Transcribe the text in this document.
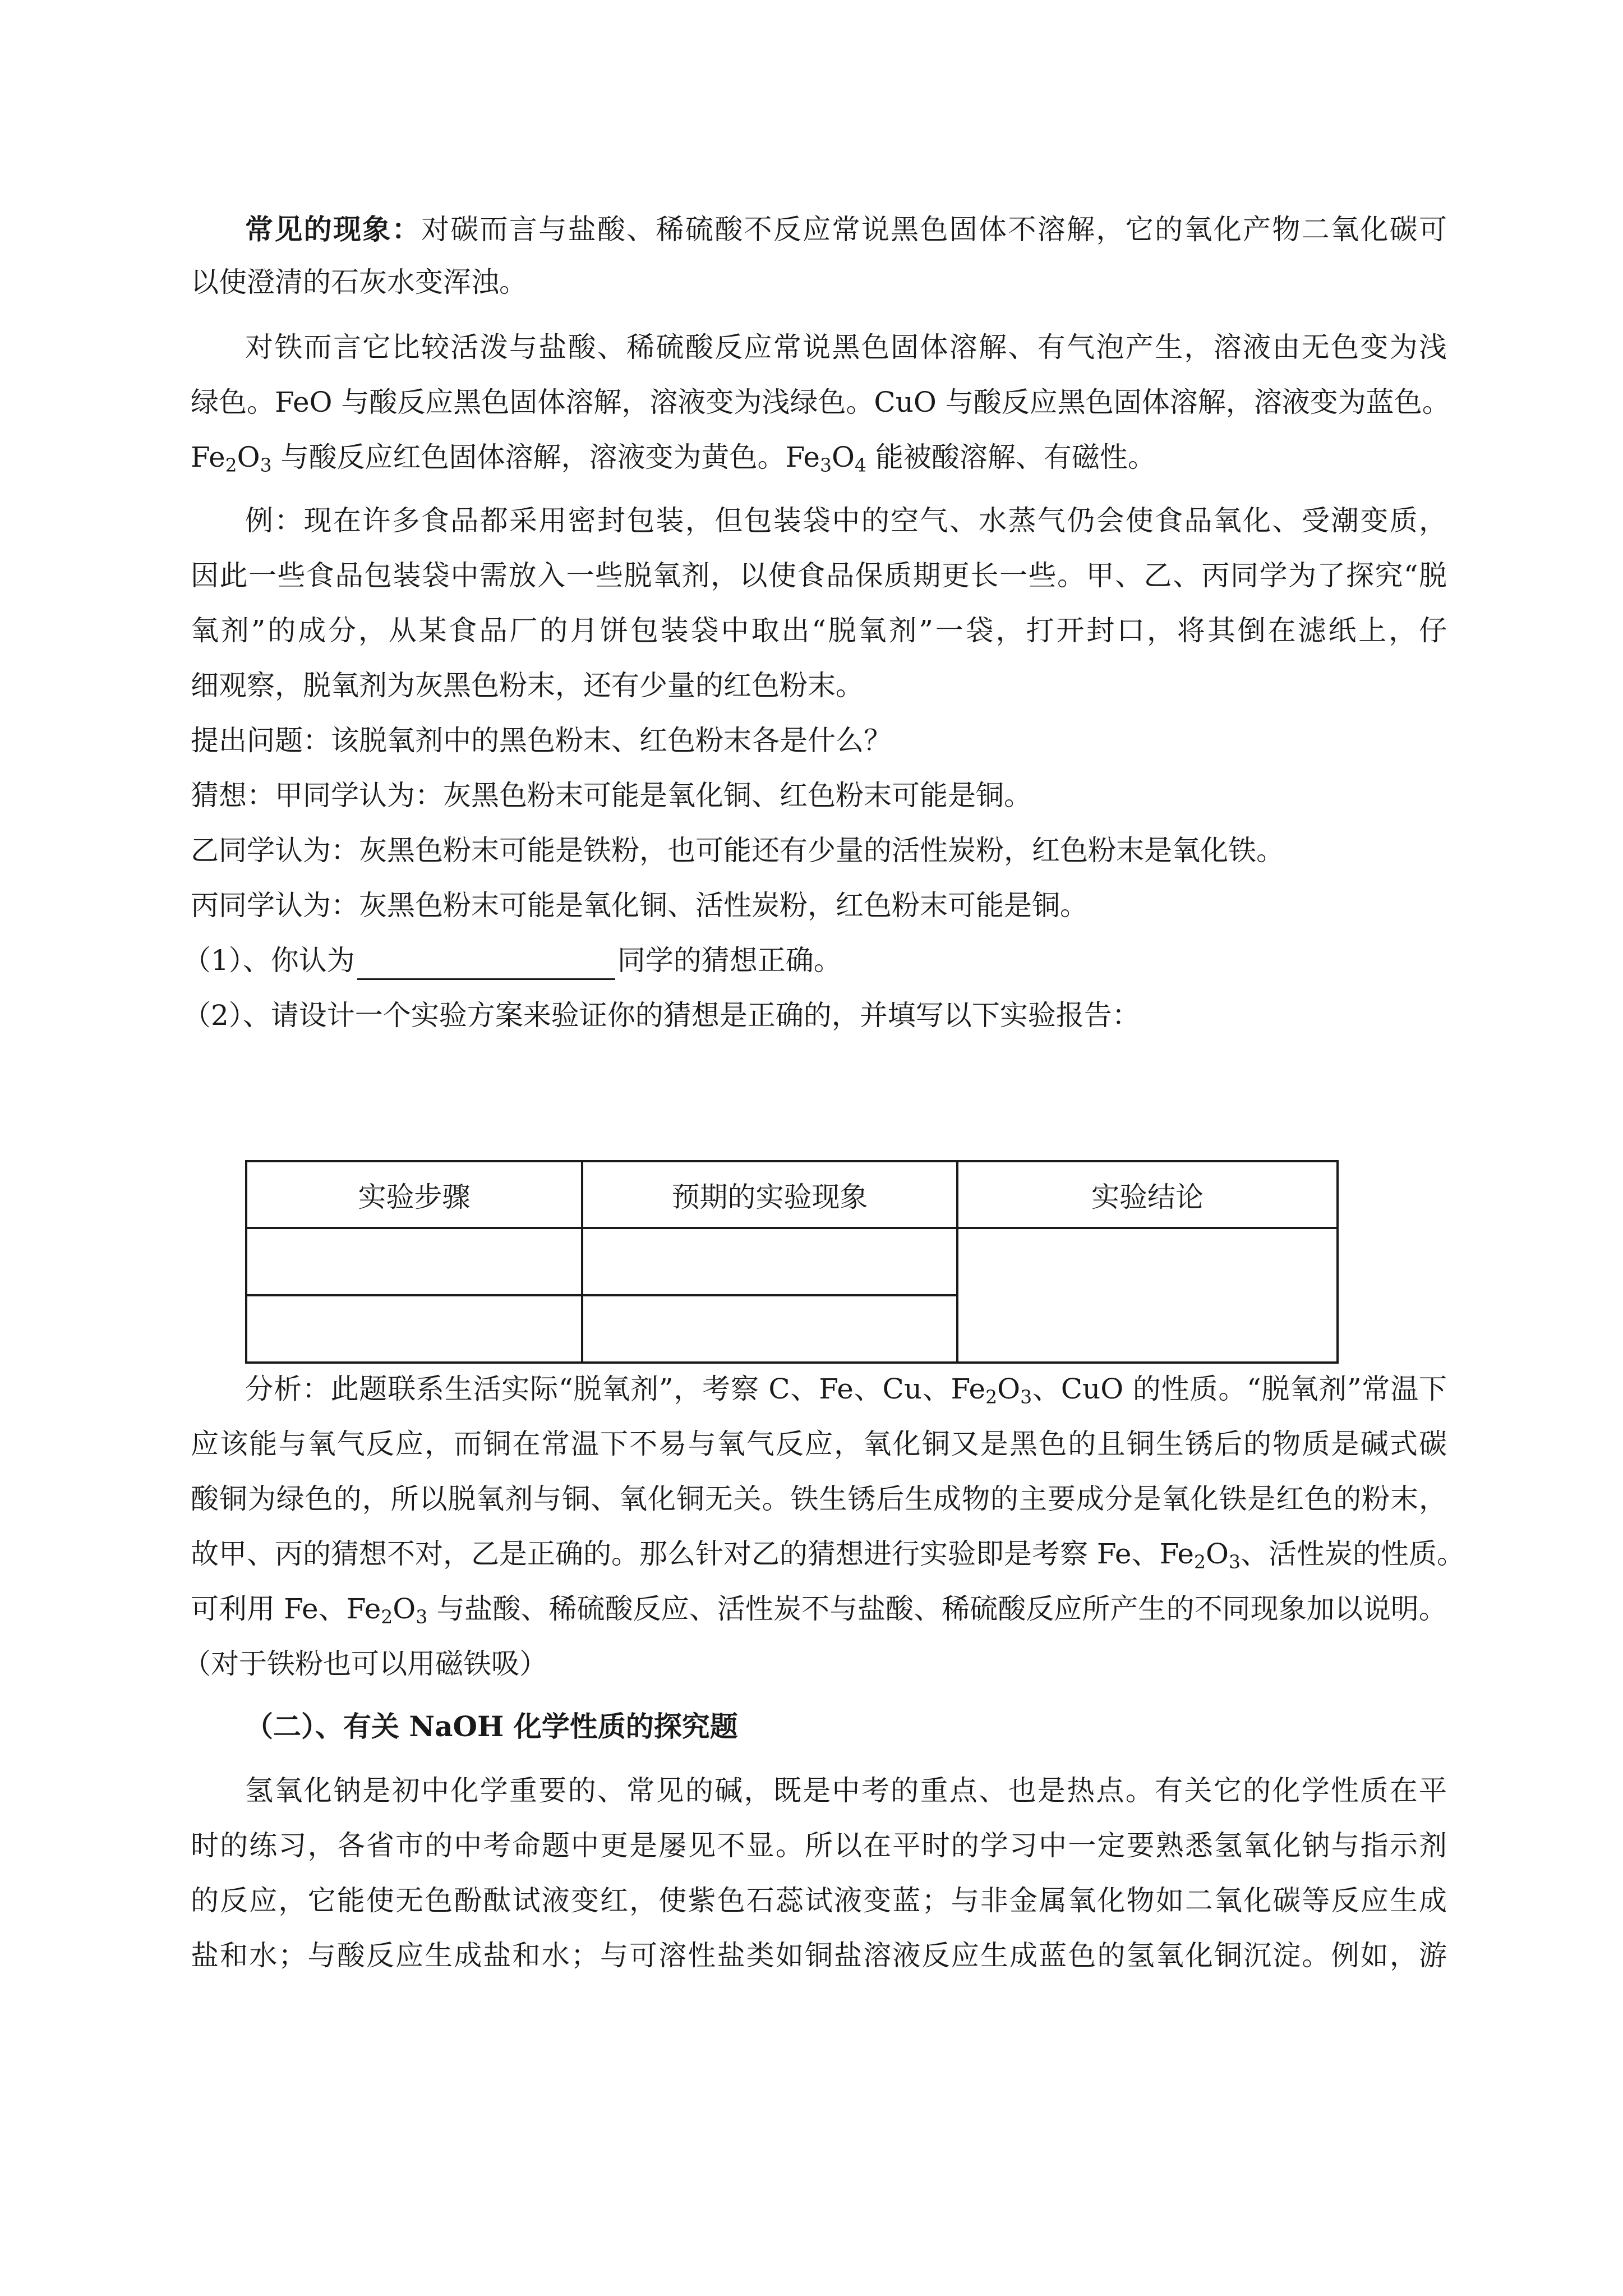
常见的现象：对碳而言与盐酸、稀硫酸不反应常说黑色固体不溶解，它的氧化产物二氧化碳可
以使澄清的石灰水变浑浊。
对铁而言它比较活泼与盐酸、稀硫酸反应常说黑色固体溶解、有气泡产生，溶液由无色变为浅
绿色。FeO 与酸反应黑色固体溶解，溶液变为浅绿色。CuO 与酸反应黑色固体溶解，溶液变为蓝色。
$Fe_2O_3$ 与酸反应红色固体溶解，溶液变为黄色。$Fe_3O_4$ 能被酸溶解、有磁性。
例：现在许多食品都采用密封包装，但包装袋中的空气、水蒸气仍会使食品氧化、受潮变质，
因此一些食品包装袋中需放入一些脱氧剂，以使食品保质期更长一些。甲、乙、丙同学为了探究“脱
氧剂”的成分，从某食品厂的月饼包装袋中取出“脱氧剂”一袋，打开封口，将其倒在滤纸上，仔
细观察，脱氧剂为灰黑色粉末，还有少量的红色粉末。
提出问题：该脱氧剂中的黑色粉末、红色粉末各是什么？
猜想：甲同学认为：灰黑色粉末可能是氧化铜、红色粉末可能是铜。
乙同学认为：灰黑色粉末可能是铁粉，也可能还有少量的活性炭粉，红色粉末是氧化铁。
丙同学认为：灰黑色粉末可能是氧化铜、活性炭粉，红色粉末可能是铜。
（1）、你认为	同学的猜想正确。
（2）、请设计一个实验方案来验证你的猜想是正确的，并填写以下实验报告：
实验步骤	预期的实验现象	实验结论

分析：此题联系生活实际“脱氧剂”，考察 C、Fe、Cu、$Fe_2O_3$、CuO 的性质。“脱氧剂”常温下
应该能与氧气反应，而铜在常温下不易与氧气反应，氧化铜又是黑色的且铜生锈后的物质是碱式碳
酸铜为绿色的，所以脱氧剂与铜、氧化铜无关。铁生锈后生成物的主要成分是氧化铁是红色的粉末，
故甲、丙的猜想不对，乙是正确的。那么针对乙的猜想进行实验即是考察 Fe、$Fe_2O_3$、活性炭的性质。
可利用 Fe、$Fe_2O_3$ 与盐酸、稀硫酸反应、活性炭不与盐酸、稀硫酸反应所产生的不同现象加以说明。
（对于铁粉也可以用磁铁吸）
（二）、有关 NaOH 化学性质的探究题
氢氧化钠是初中化学重要的、常见的碱，既是中考的重点、也是热点。有关它的化学性质在平
时的练习，各省市的中考命题中更是屡见不显。所以在平时的学习中一定要熟悉氢氧化钠与指示剂
的反应，它能使无色酚酞试液变红，使紫色石蕊试液变蓝；与非金属氧化物如二氧化碳等反应生成
盐和水；与酸反应生成盐和水；与可溶性盐类如铜盐溶液反应生成蓝色的氢氧化铜沉淀。例如，游
